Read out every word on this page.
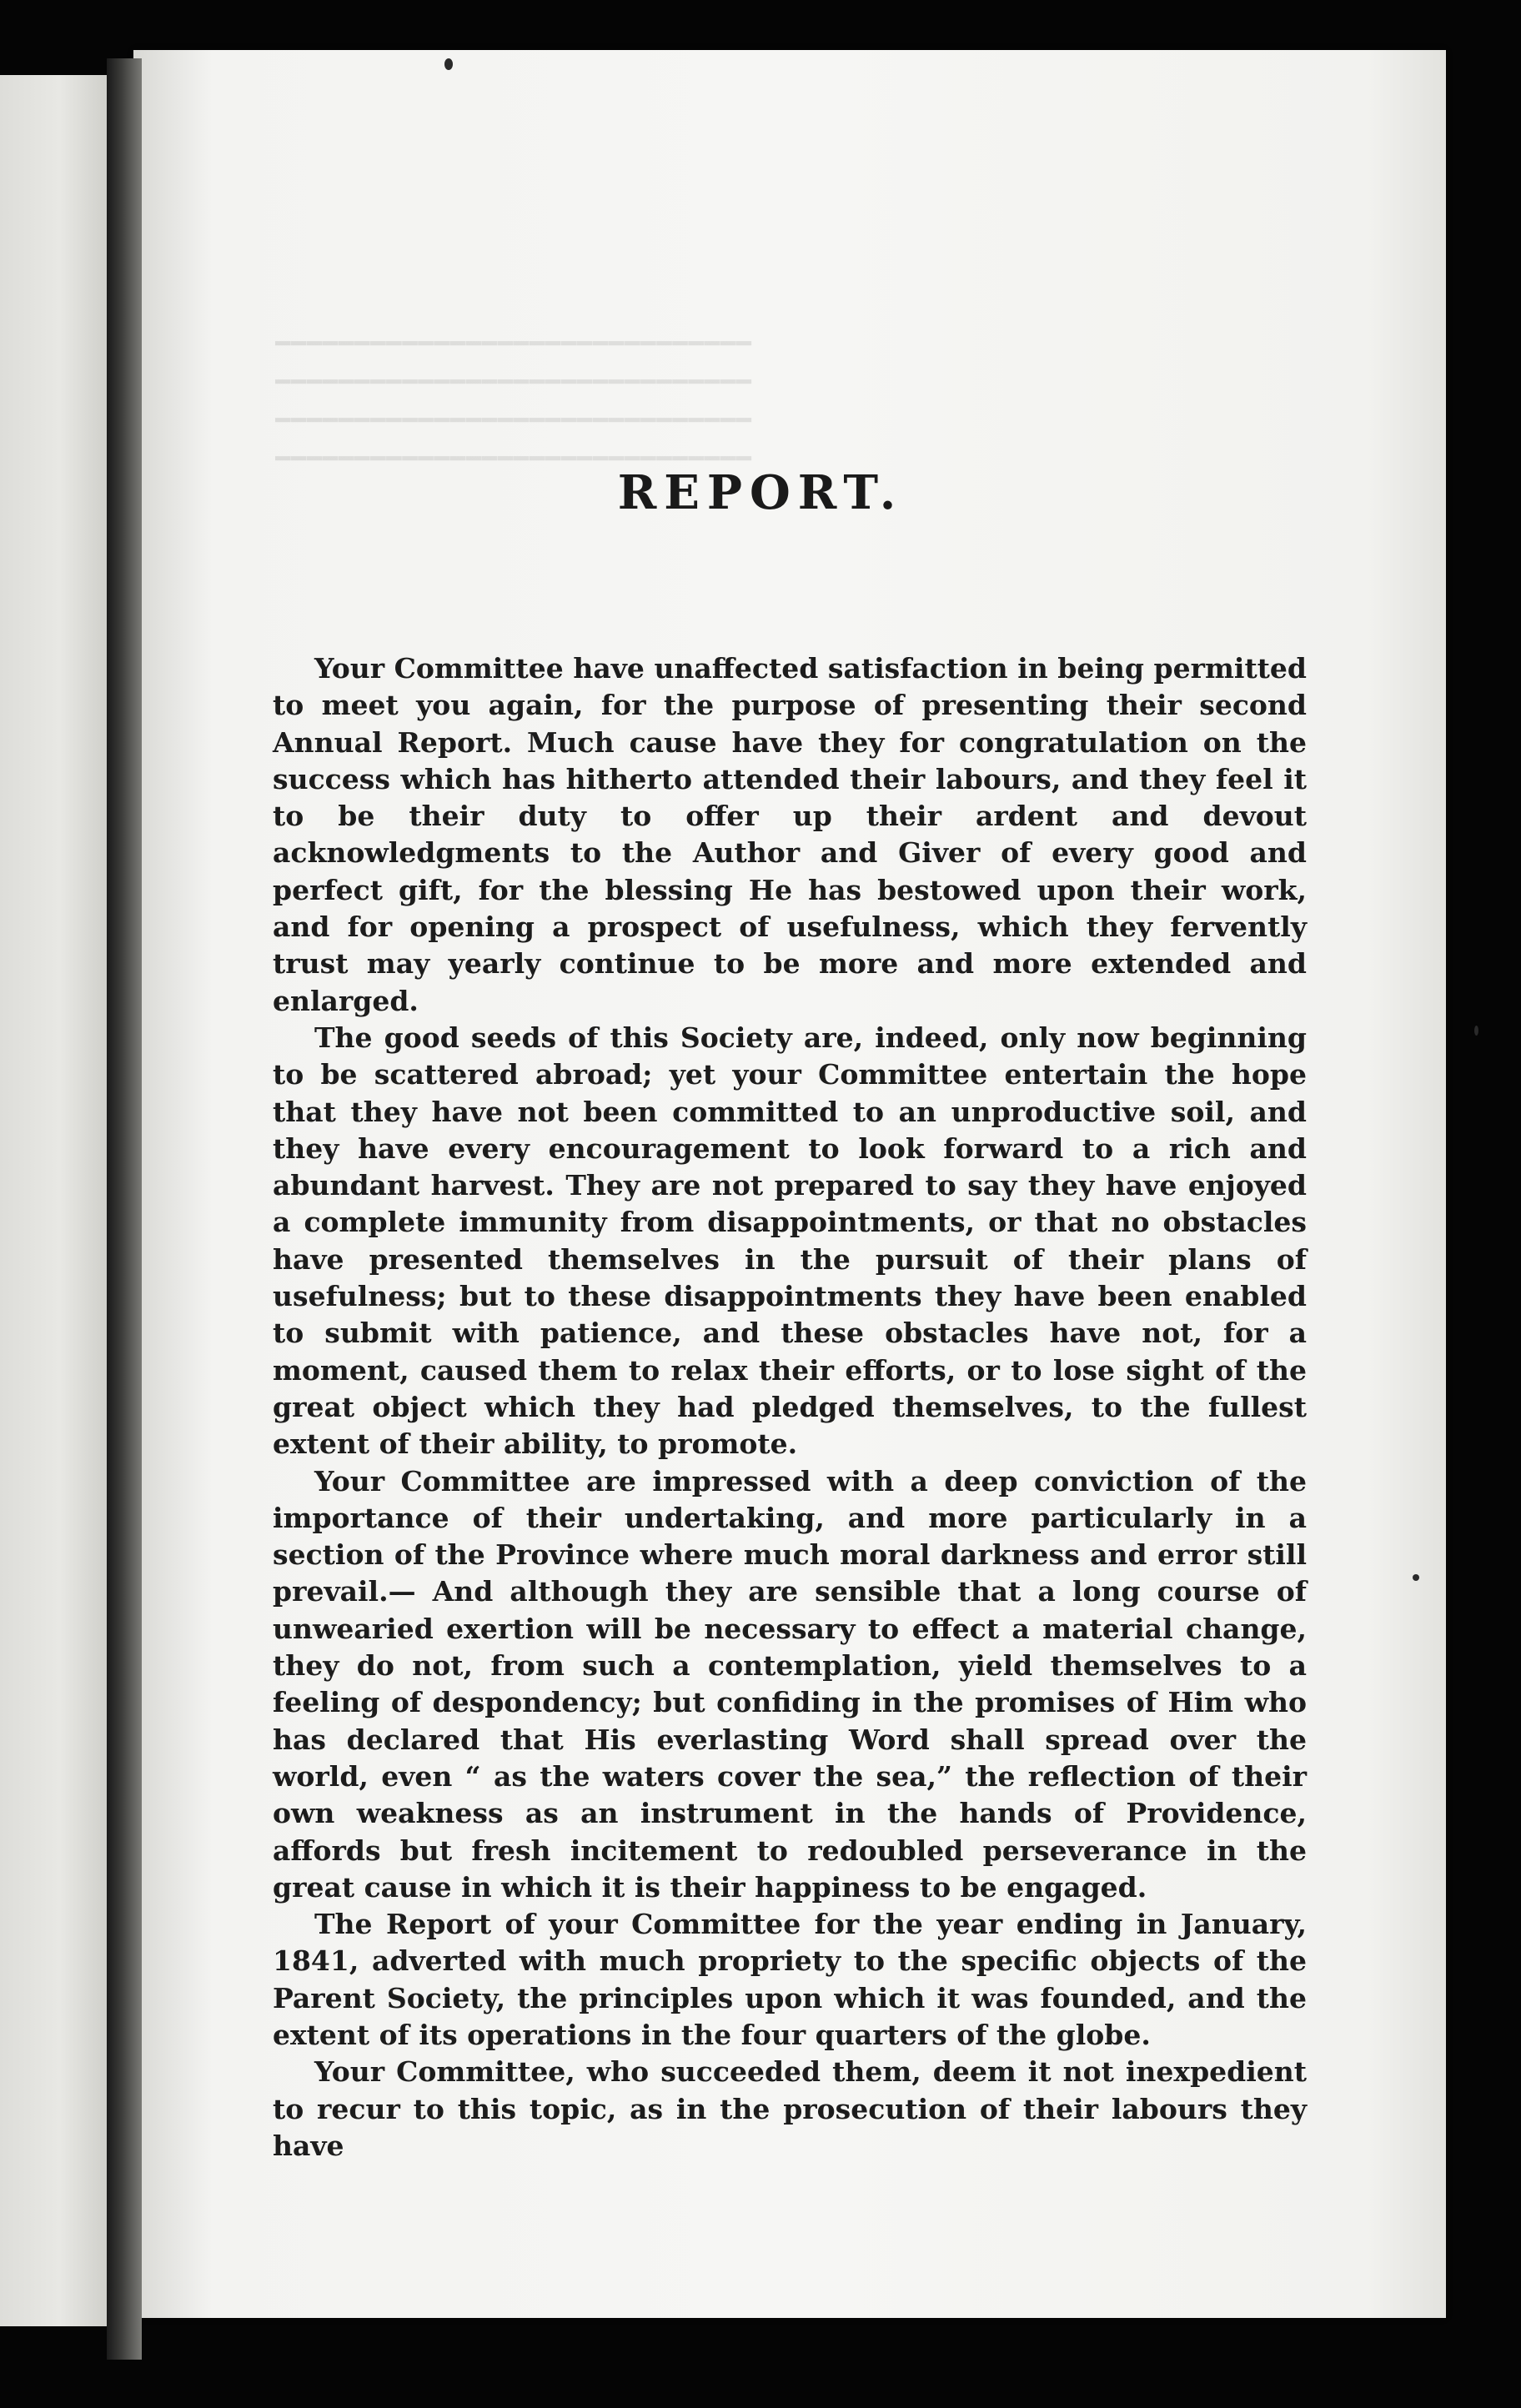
━━━━━━━━━━━━━━━━━━━━━━━━━━━━━━
━━━━━━━━━━━━━━━━━━━━━━━━━━━━━━
━━━━━━━━━━━━━━━━━━━━━━━━━━━━━━
━━━━━━━━━━━━━━━━━━━━━━━━━━━━━━
REPORT.

Your Committee have unaffected satisfaction in being permitted to meet you again, for the purpose of presenting their second Annual Report. Much cause have they for congratulation on the success which has hitherto attended their labours, and they feel it to be their duty to offer up their ardent and devout acknowledgments to the Author and Giver of every good and perfect gift, for the blessing He has bestowed upon their work, and for opening a prospect of usefulness, which they fervently trust may yearly continue to be more and more extended and enlarged.

The good seeds of this Society are, indeed, only now beginning to be scattered abroad; yet your Committee entertain the hope that they have not been committed to an unproductive soil, and they have every encouragement to look forward to a rich and abundant harvest. They are not prepared to say they have enjoyed a complete immunity from disappointments, or that no obstacles have presented themselves in the pursuit of their plans of usefulness; but to these disappointments they have been enabled to submit with patience, and these obstacles have not, for a moment, caused them to relax their efforts, or to lose sight of the great object which they had pledged themselves, to the fullest extent of their ability, to promote.

Your Committee are impressed with a deep conviction of the importance of their undertaking, and more particularly in a section of the Province where much moral darkness and error still prevail.— And although they are sensible that a long course of unwearied exertion will be necessary to effect a material change, they do not, from such a contemplation, yield themselves to a feeling of despondency; but confiding in the promises of Him who has declared that His everlasting Word shall spread over the world, even “ as the waters cover the sea,” the reflection of their own weakness as an instrument in the hands of Providence, affords but fresh incitement to redoubled perseverance in the great cause in which it is their happiness to be engaged.

The Report of your Committee for the year ending in January, 1841, adverted with much propriety to the specific objects of the Parent Society, the principles upon which it was founded, and the extent of its operations in the four quarters of the globe.

Your Committee, who succeeded them, deem it not inexpedient to recur to this topic, as in the prosecution of their labours they have
